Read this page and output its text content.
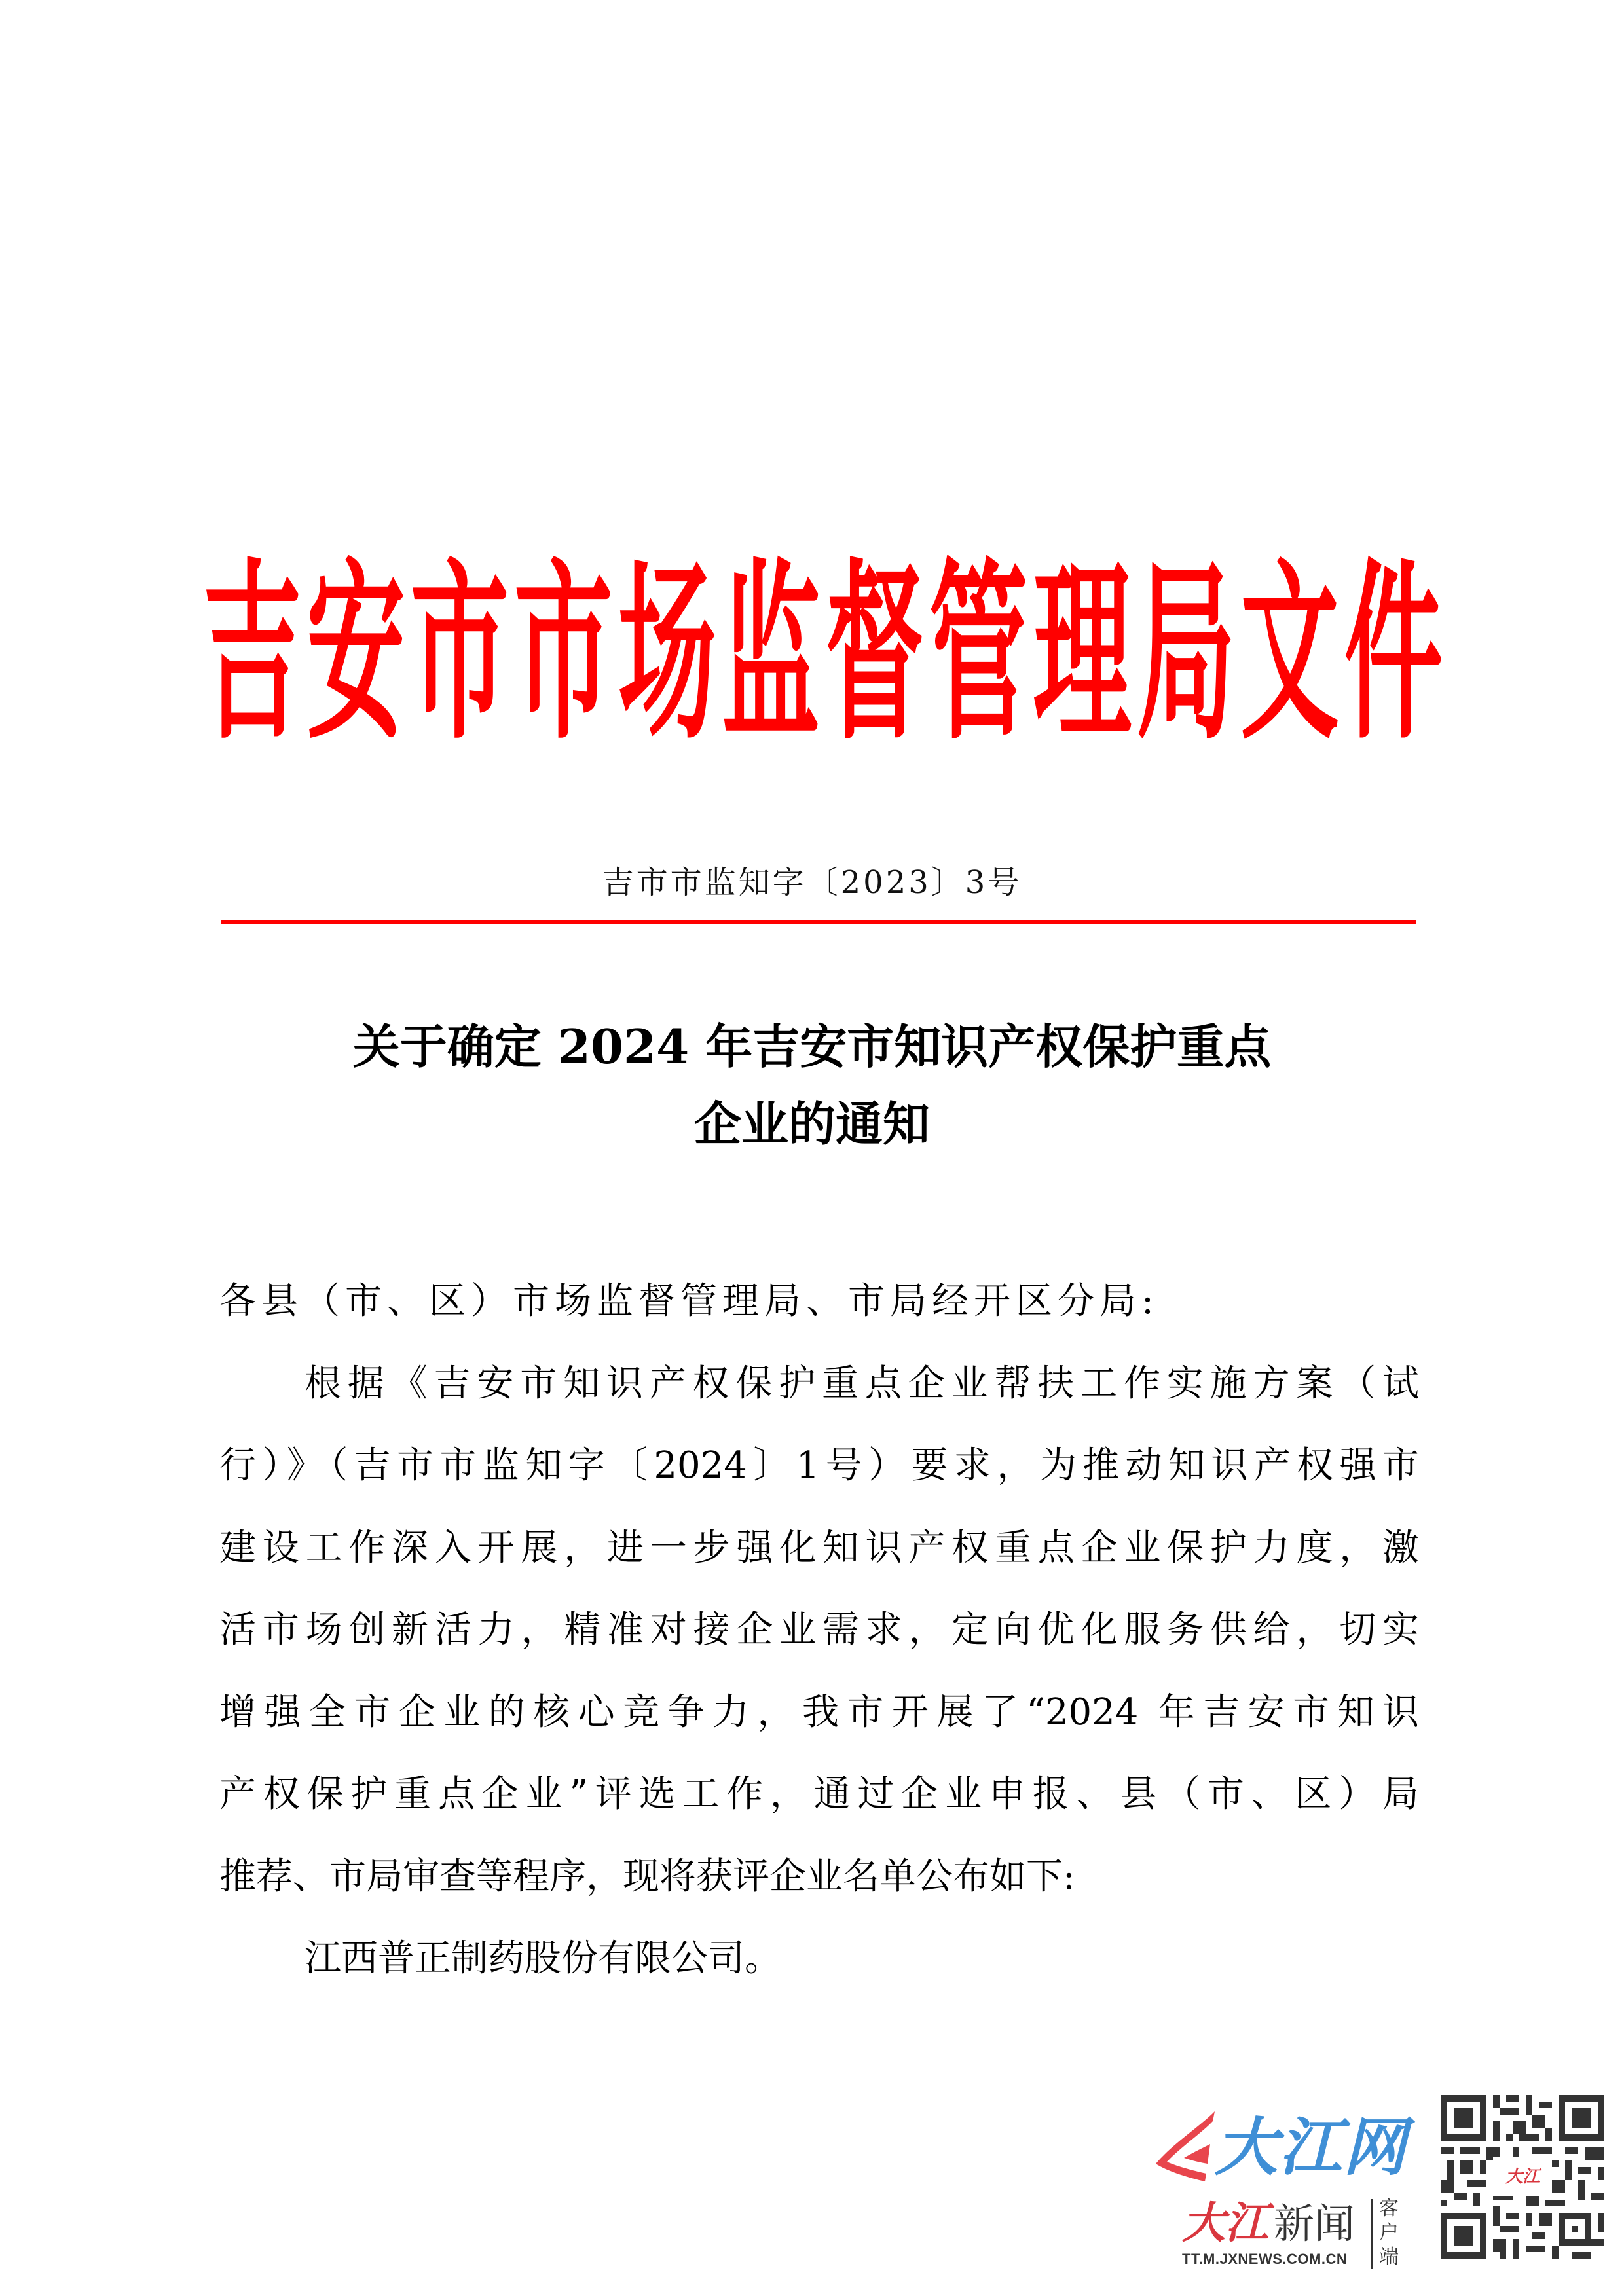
吉 安 市 市 场 监 督 管 理 局 文 件
吉市市监知字〔2023〕3号
关于确定 2024 年吉安市知识产权保护重点
企业的通知
各县（市、区）市场监督管理局、市局经开区分局:
根据《吉安市知识产权保护重点企业帮扶工作实施方案（试
行）》（吉市市监知字〔2024〕1号）要求，为推动知识产权强市
建设工作深入开展，进一步强化知识产权重点企业保护力度，激
活市场创新活力，精准对接企业需求，定向优化服务供给，切实
增强全市企业的核心竞争力，我市开展了“2024 年吉安市知识
产权保护重点企业”评选工作，通过企业申报、县（市、区）局
推荐、市局审查等程序，现将获评企业名单公布如下:
江西普正制药股份有限公司。
大江网
大江 新闻
TT.M.JXNEWS.COM.CN
客
户
端
大江
